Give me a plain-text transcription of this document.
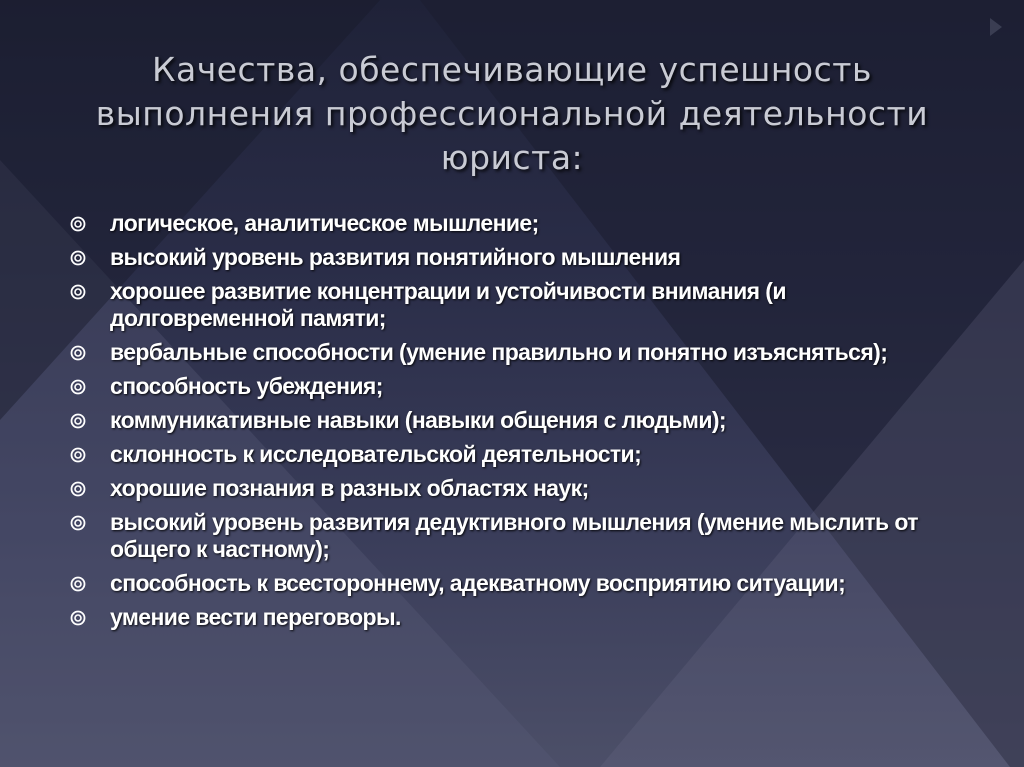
Качества, обеспечивающие успешность
выполнения профессиональной деятельности
юриста:
логическое, аналитическое мышление;
высокий уровень развития понятийного мышления
хорошее развитие концентрации и устойчивости внимания (и долговременной памяти;
вербальные способности (умение правильно и понятно изъясняться);
способность убеждения;
коммуникативные навыки (навыки общения с людьми);
склонность к исследовательской деятельности;
хорошие познания в разных областях наук;
высокий уровень развития дедуктивного мышления (умение мыслить от общего к частному);
способность к всестороннему, адекватному восприятию ситуации;
умение вести переговоры.
